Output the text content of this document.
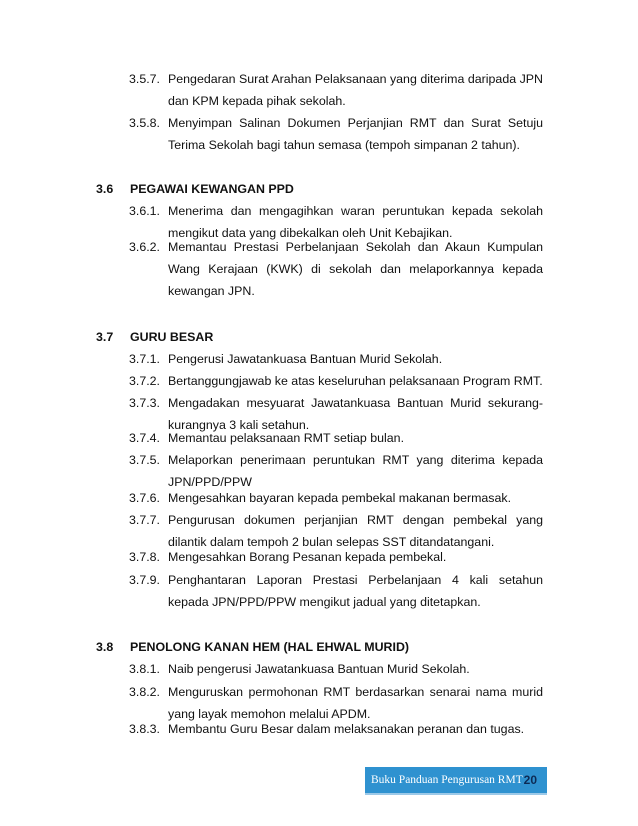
3.5.7. Pengedaran Surat Arahan Pelaksanaan yang diterima daripada JPN dan KPM kepada pihak sekolah.
3.5.8. Menyimpan Salinan Dokumen Perjanjian RMT dan Surat Setuju Terima Sekolah bagi tahun semasa (tempoh simpanan 2 tahun).
3.6 PEGAWAI KEWANGAN PPD
3.6.1. Menerima dan mengagihkan waran peruntukan kepada sekolah mengikut data yang dibekalkan oleh Unit Kebajikan.
3.6.2. Memantau Prestasi Perbelanjaan Sekolah dan Akaun Kumpulan Wang Kerajaan (KWK) di sekolah dan melaporkannya kepada kewangan JPN.
3.7 GURU BESAR
3.7.1. Pengerusi Jawatankuasa Bantuan Murid Sekolah.
3.7.2. Bertanggungjawab ke atas keseluruhan pelaksanaan Program RMT.
3.7.3. Mengadakan mesyuarat Jawatankuasa Bantuan Murid sekurang-kurangnya 3 kali setahun.
3.7.4. Memantau pelaksanaan RMT setiap bulan.
3.7.5. Melaporkan penerimaan peruntukan RMT yang diterima kepada JPN/PPD/PPW
3.7.6. Mengesahkan bayaran kepada pembekal makanan bermasak.
3.7.7. Pengurusan dokumen perjanjian RMT dengan pembekal yang dilantik dalam tempoh 2 bulan selepas SST ditandatangani.
3.7.8. Mengesahkan Borang Pesanan kepada pembekal.
3.7.9. Penghantaran Laporan Prestasi Perbelanjaan 4 kali setahun kepada JPN/PPD/PPW mengikut jadual yang ditetapkan.
3.8 PENOLONG KANAN HEM (HAL EHWAL MURID)
3.8.1. Naib pengerusi Jawatankuasa Bantuan Murid Sekolah.
3.8.2. Menguruskan permohonan RMT berdasarkan senarai nama murid yang layak memohon melalui APDM.
3.8.3. Membantu Guru Besar dalam melaksanakan peranan dan tugas.
Buku Panduan Pengurusan RMT 20
